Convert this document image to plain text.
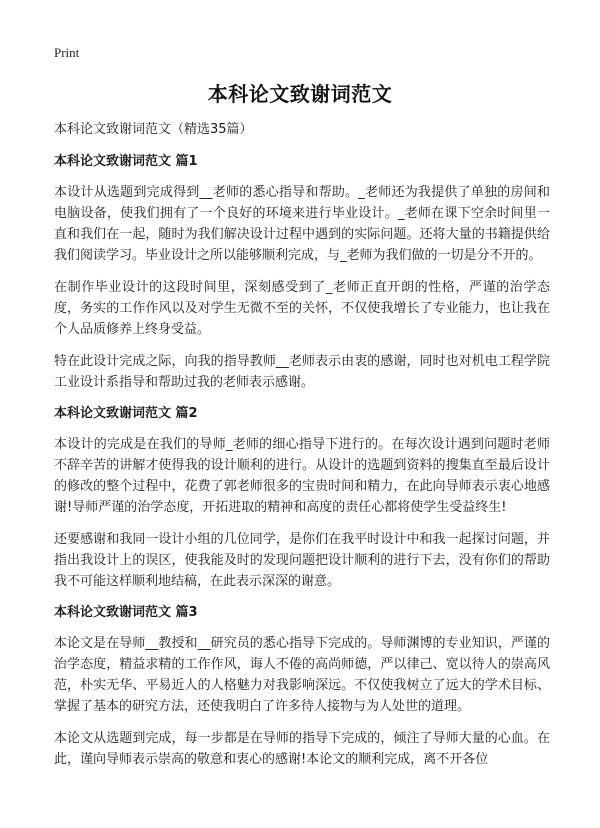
Print
本科论文致谢词范文
本科论文致谢词范文（精选35篇）
本科论文致谢词范文 篇1

本设计从选题到完成得到__老师的悉心指导和帮助。_老师还为我提供了单独的房间和电脑设备，使我们拥有了一个良好的环境来进行毕业设计。_老师在课下空余时间里一直和我们在一起，随时为我们解决设计过程中遇到的实际问题。还将大量的书籍提供给我们阅读学习。毕业设计之所以能够顺利完成，与_老师为我们做的一切是分不开的。

在制作毕业设计的这段时间里，深刻感受到了_老师正直开朗的性格，严谨的治学态度，务实的工作作风以及对学生无微不至的关怀，不仅使我增长了专业能力，也让我在个人品质修养上终身受益。

特在此设计完成之际，向我的指导教师__老师表示由衷的感谢，同时也对机电工程学院工业设计系指导和帮助过我的老师表示感谢。

本科论文致谢词范文 篇2

本设计的完成是在我们的导师_老师的细心指导下进行的。在每次设计遇到问题时老师不辞辛苦的讲解才使得我的设计顺利的进行。从设计的选题到资料的搜集直至最后设计的修改的整个过程中，花费了郭老师很多的宝贵时间和精力，在此向导师表示衷心地感谢!导师严谨的治学态度，开拓进取的精神和高度的责任心都将使学生受益终生!

还要感谢和我同一设计小组的几位同学，是你们在我平时设计中和我一起探讨问题，并指出我设计上的误区，使我能及时的发现问题把设计顺利的进行下去，没有你们的帮助我不可能这样顺利地结稿，在此表示深深的谢意。

本科论文致谢词范文 篇3

本论文是在导师__教授和__研究员的悉心指导下完成的。导师渊博的专业知识，严谨的治学态度，精益求精的工作作风，诲人不倦的高尚师德，严以律己、宽以待人的崇高风范，朴实无华、平易近人的人格魅力对我影响深远。不仅使我树立了远大的学术目标、掌握了基本的研究方法，还使我明白了许多待人接物与为人处世的道理。

本论文从选题到完成，每一步都是在导师的指导下完成的，倾注了导师大量的心血。在此，谨向导师表示崇高的敬意和衷心的感谢!本论文的顺利完成，离不开各位
